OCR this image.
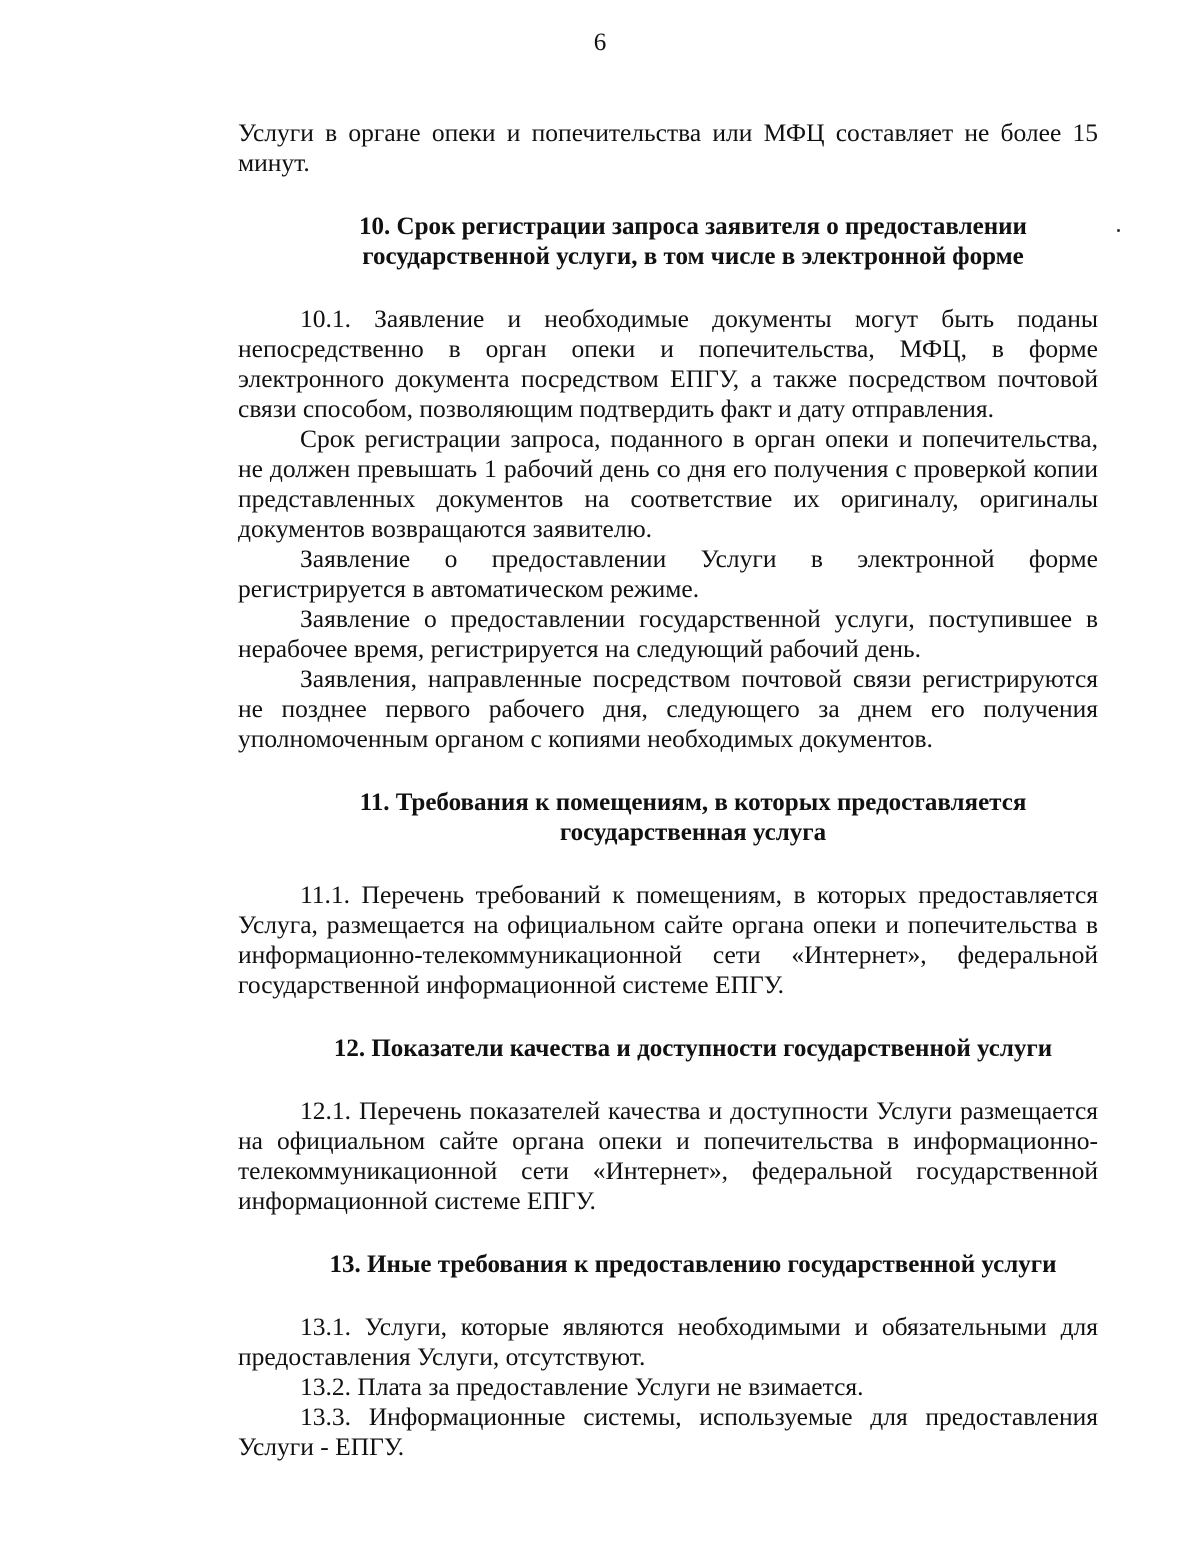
6

Услуги в органе опеки и попечительства или МФЦ составляет не более 15 минут.

10. Срок регистрации запроса заявителя о предоставлении

государственной услуги, в том числе в электронной форме

10.1. Заявление и необходимые документы могут быть поданы непосредственно в орган опеки и попечительства, МФЦ, в форме электронного документа посредством ЕПГУ, а также посредством почтовой связи способом, позволяющим подтвердить факт и дату отправления.

Срок регистрации запроса, поданного в орган опеки и попечительства, не должен превышать 1 рабочий день со дня его получения с проверкой копии представленных документов на соответствие их оригиналу, оригиналы документов возвращаются заявителю.

Заявление о предоставлении Услуги в электронной форме регистрируется в автоматическом режиме.

Заявление о предоставлении государственной услуги, поступившее в нерабочее время, регистрируется на следующий рабочий день.

Заявления, направленные посредством почтовой связи регистрируются не позднее первого рабочего дня, следующего за днем его получения уполномоченным органом с копиями необходимых документов.

11. Требования к помещениям, в которых предоставляется

государственная услуга

11.1. Перечень требований к помещениям, в которых предоставляется Услуга, размещается на официальном сайте органа опеки и попечительства в информационно-телекоммуникационной сети «Интернет», федеральной государственной информационной системе ЕПГУ.

12. Показатели качества и доступности государственной услуги

12.1. Перечень показателей качества и доступности Услуги размещается на официальном сайте органа опеки и попечительства в информационно-телекоммуникационной сети «Интернет», федеральной государственной информационной системе ЕПГУ.

13. Иные требования к предоставлению государственной услуги

13.1. Услуги, которые являются необходимыми и обязательными для предоставления Услуги, отсутствуют.

13.2. Плата за предоставление Услуги не взимается.

13.3. Информационные системы, используемые для предоставления Услуги - ЕПГУ.
